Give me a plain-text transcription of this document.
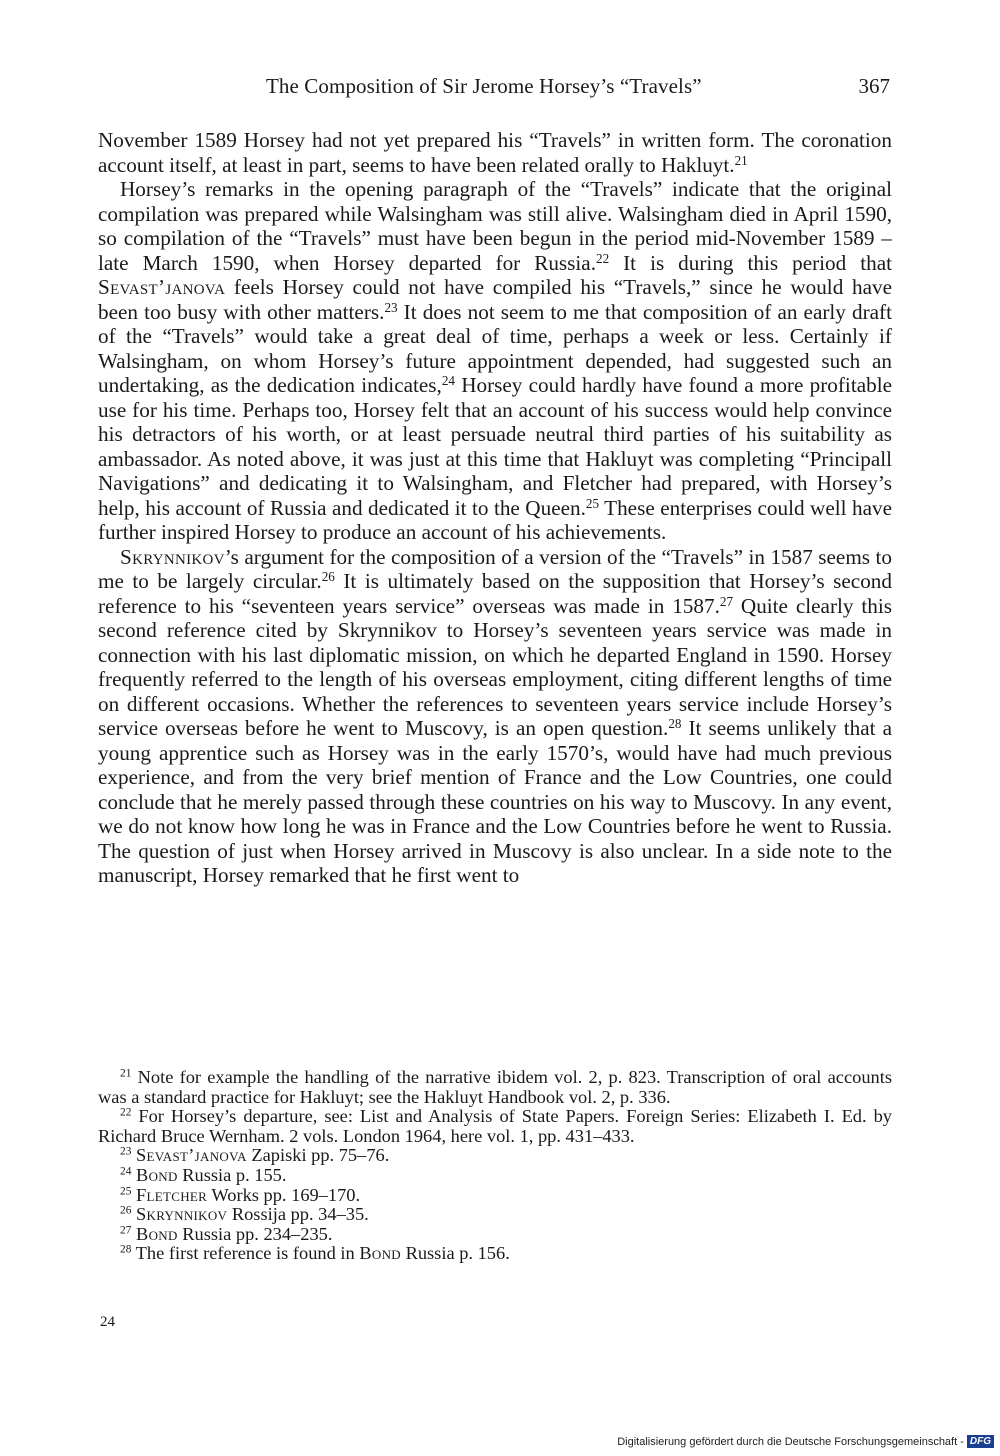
The Composition of Sir Jerome Horsey’s “Travels”	367

November 1589 Horsey had not yet prepared his “Travels” in written form. The coronation account itself, at least in part, seems to have been related orally to Hakluyt.$^{21}$

Horsey’s remarks in the opening paragraph of the “Travels” indicate that the original compilation was prepared while Walsingham was still alive. Walsingham died in April 1590, so compilation of the “Travels” must have been begun in the period mid-November 1589 – late March 1590, when Horsey departed for Russia.$^{22}$ It is during this period that Sevast’janova feels Horsey could not have compiled his “Travels,” since he would have been too busy with other matters.$^{23}$ It does not seem to me that composition of an early draft of the “Travels” would take a great deal of time, perhaps a week or less. Certainly if Walsingham, on whom Horsey’s future appointment depended, had suggested such an undertaking, as the dedication indicates,$^{24}$ Horsey could hardly have found a more profitable use for his time. Perhaps too, Horsey felt that an account of his success would help convince his detractors of his worth, or at least persuade neutral third parties of his suitability as ambassador. As noted above, it was just at this time that Hakluyt was completing “Principall Navigations” and dedicating it to Walsingham, and Fletcher had prepared, with Horsey’s help, his account of Russia and dedicated it to the Queen.$^{25}$ These enterprises could well have further inspired Horsey to produce an account of his achievements.

Skrynnikov’s argument for the composition of a version of the “Travels” in 1587 seems to me to be largely circular.$^{26}$ It is ultimately based on the supposition that Horsey’s second reference to his “seventeen years service” overseas was made in 1587.27 Quite clearly this second reference cited by Skrynnikov to Horsey’s seventeen years service was made in connection with his last diplomatic mission, on which he departed England in 1590. Horsey frequently referred to the length of his overseas employment, citing different lengths of time on different occasions. Whether the references to seventeen years service include Horsey’s service overseas before he went to Muscovy, is an open question.$^{28}$ It seems unlikely that a young apprentice such as Horsey was in the early 1570’s, would have had much previous experience, and from the very brief mention of France and the Low Countries, one could conclude that he merely passed through these countries on his way to Muscovy. In any event, we do not know how long he was in France and the Low Countries before he went to Russia. The question of just when Horsey arrived in Muscovy is also unclear. In a side note to the manuscript, Horsey remarked that he first went to

$^{21}$ Note for example the handling of the narrative ibidem vol. 2, p. 823. Transcription of oral accounts was a standard practice for Hakluyt; see the Hakluyt Handbook vol. 2, p. 336.

$^{22}$ For Horsey’s departure, see: List and Analysis of State Papers. Foreign Series: Elizabeth I. Ed. by Richard Bruce Wernham. 2 vols. London 1964, here vol. 1, pp. 431–433.

$^{23}$ Sevast’janova Zapiski pp. 75–76.

$^{24}$ Bond Russia p. 155.

$^{25}$ Fletcher Works pp. 169–170.

$^{26}$ Skrynnikov Rossija pp. 34–35.

$^{27}$ Bond Russia pp. 234–235.

$^{28}$ The first reference is found in Bond Russia p. 156.

24
Digitalisierung gefördert durch die Deutsche Forschungsgemeinschaft - DFG
